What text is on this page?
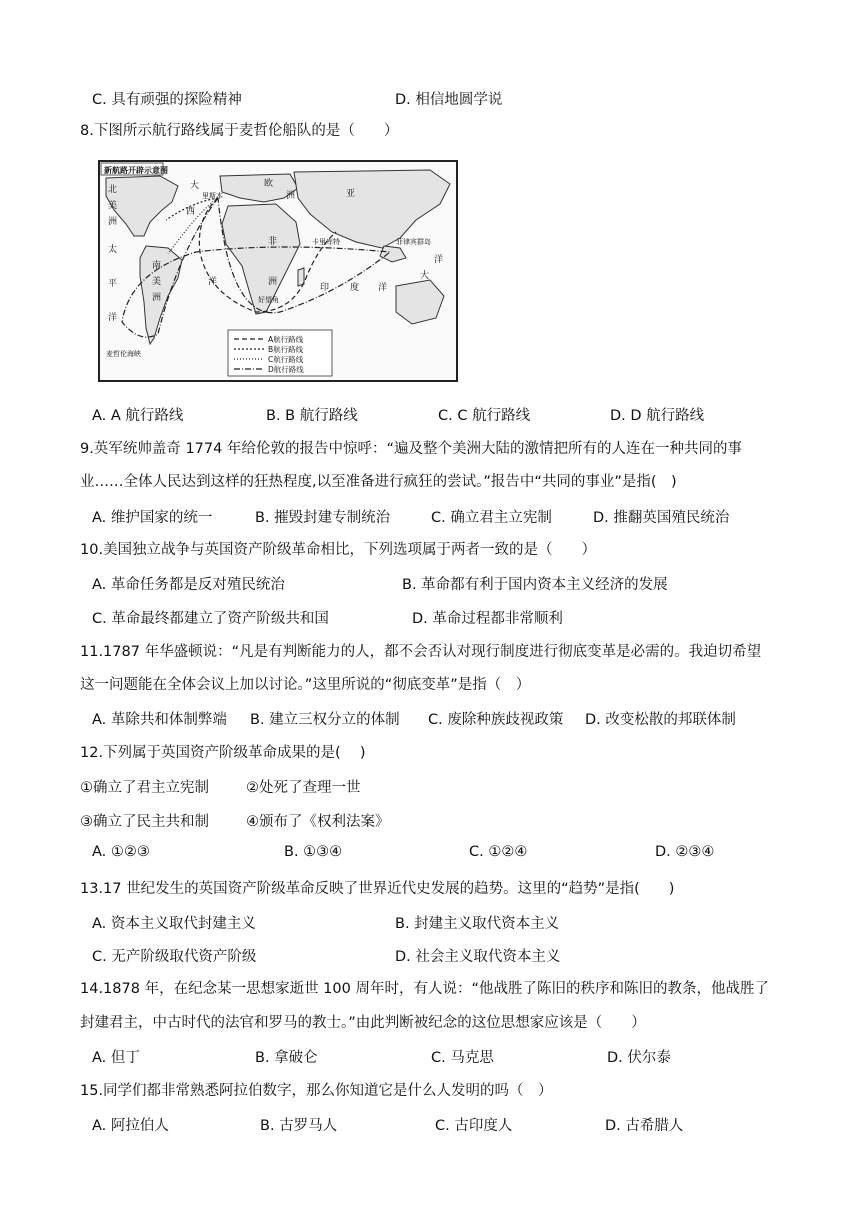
C. 具有顽强的探险精神	D. 相信地圆学说
8.下图所示航行路线属于麦哲伦船队的是（　　）
新航路开辟示意图
北
美
洲
大
西
太
平
洋
南
美
洲
欧
洲	亚
洋
非
洲
印 度 洋
大
洋
里斯本
卡里库特	菲律宾群岛
好望角
麦哲伦海峡
A航行路线
B航行路线
C航行路线
D航行路线
A. A 航行路线	B. B 航行路线	C. C 航行路线	D. D 航行路线
9.英军统帅盖奇 1774 年给伦敦的报告中惊呼：“遍及整个美洲大陆的激情把所有的人连在一种共同的事
业……全体人民达到这样的狂热程度,以至准备进行疯狂的尝试。”报告中“共同的事业”是指(　)
A. 维护国家的统一	B. 摧毁封建专制统治	C. 确立君主立宪制	D. 推翻英国殖民统治
10.美国独立战争与英国资产阶级革命相比，下列选项属于两者一致的是（　　）
A. 革命任务都是反对殖民统治	B. 革命都有利于国内资本主义经济的发展
C. 革命最终都建立了资产阶级共和国	D. 革命过程都非常顺利
11.1787 年华盛顿说：“凡是有判断能力的人，都不会否认对现行制度进行彻底变革是必需的。我迫切希望
这一问题能在全体会议上加以讨论。”这里所说的“彻底变革”是指（　）
A. 革除共和体制弊端 B. 建立三权分立的体制 C. 废除种族歧视政策 D. 改变松散的邦联体制
12.下列属于英国资产阶级革命成果的是(　 )
①确立了君主立宪制	②处死了查理一世
③确立了民主共和制	④颁布了《权利法案》
A. ①②③	B. ①③④	C. ①②④	D. ②③④
13.17 世纪发生的英国资产阶级革命反映了世界近代史发展的趋势。这里的“趋势”是指(　　)
A. 资本主义取代封建主义	B. 封建主义取代资本主义
C. 无产阶级取代资产阶级	D. 社会主义取代资本主义
14.1878 年，在纪念某一思想家逝世 100 周年时，有人说：“他战胜了陈旧的秩序和陈旧的教条，他战胜了
封建君主，中古时代的法官和罗马的教士。”由此判断被纪念的这位思想家应该是（　　）
A. 但丁	B. 拿破仑	C. 马克思	D. 伏尔泰
15.同学们都非常熟悉阿拉伯数字，那么你知道它是什么人发明的吗（　）
A. 阿拉伯人	B. 古罗马人	C. 古印度人	D. 古希腊人
